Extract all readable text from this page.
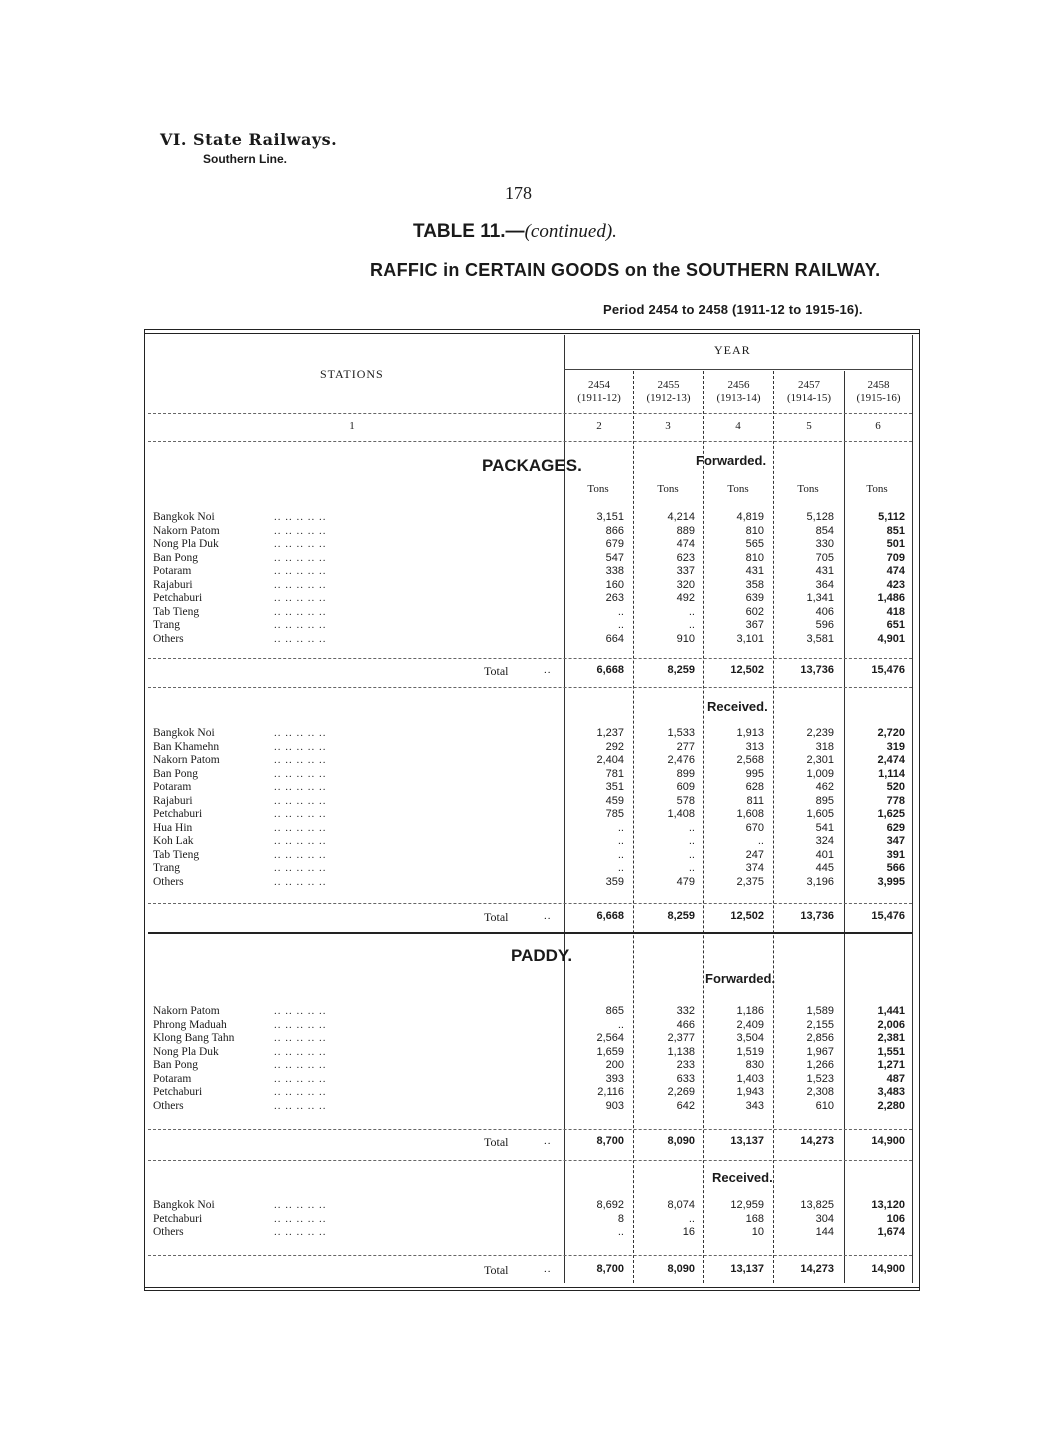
VI. State Railways.
Southern Line.
178
TABLE 11.—(continued).
RAFFIC in CERTAIN GOODS on the SOUTHERN RAILWAY.
Period 2454 to 2458 (1911-12 to 1915-16).
STATIONS
YEAR
2454
(1911-12)
2455
(1912-13)
2456
(1913-14)
2457
(1914-15)
2458
(1915-16)
1	2	3	4	5	6
PACKAGES.	Forwarded.
Tons	Tons	Tons	Tons	Tons
Bangkok Noi	.. .. .. .. ..	3,151	4,214	4,819	5,128	5,112
Nakorn Patom	.. .. .. .. ..	866	889	810	854	851
Nong Pla Duk	.. .. .. .. ..	679	474	565	330	501
Ban Pong	.. .. .. .. ..	547	623	810	705	709
Potaram	.. .. .. .. ..	338	337	431	431	474
Rajaburi	.. .. .. .. ..	160	320	358	364	423
Petchaburi	.. .. .. .. ..	263	492	639	1,341	1,486
Tab Tieng	.. .. .. .. ..	..	..	602	406	418
Trang	.. .. .. .. ..	..	..	367	596	651
Others	.. .. .. .. ..	664	910	3,101	3,581	4,901
Total	..	6,668	8,259	12,502	13,736	15,476
Received.
Bangkok Noi	.. .. .. .. ..	1,237	1,533	1,913	2,239	2,720
Ban Khamehn	.. .. .. .. ..	292	277	313	318	319
Nakorn Patom	.. .. .. .. ..	2,404	2,476	2,568	2,301	2,474
Ban Pong	.. .. .. .. ..	781	899	995	1,009	1,114
Potaram	.. .. .. .. ..	351	609	628	462	520
Rajaburi	.. .. .. .. ..	459	578	811	895	778
Petchaburi	.. .. .. .. ..	785	1,408	1,608	1,605	1,625
Hua Hin	.. .. .. .. ..	..	..	670	541	629
Koh Lak	.. .. .. .. ..	..	..	..	324	347
Tab Tieng	.. .. .. .. ..	..	..	247	401	391
Trang	.. .. .. .. ..	..	..	374	445	566
Others	.. .. .. .. ..	359	479	2,375	3,196	3,995
Total	..	6,668	8,259	12,502	13,736	15,476
PADDY.
Forwarded.
Nakorn Patom	.. .. .. .. ..	865	332	1,186	1,589	1,441
Phrong Maduah	.. .. .. .. ..	..	466	2,409	2,155	2,006
Klong Bang Tahn	.. .. .. .. ..	2,564	2,377	3,504	2,856	2,381
Nong Pla Duk	.. .. .. .. ..	1,659	1,138	1,519	1,967	1,551
Ban Pong	.. .. .. .. ..	200	233	830	1,266	1,271
Potaram	.. .. .. .. ..	393	633	1,403	1,523	487
Petchaburi	.. .. .. .. ..	2,116	2,269	1,943	2,308	3,483
Others	.. .. .. .. ..	903	642	343	610	2,280
Total	..	8,700	8,090	13,137	14,273	14,900
Received.
Bangkok Noi	.. .. .. .. ..	8,692	8,074	12,959	13,825	13,120
Petchaburi	.. .. .. .. ..	8	..	168	304	106
Others	.. .. .. .. ..	..	16	10	144	1,674
Total	..	8,700	8,090	13,137	14,273	14,900
